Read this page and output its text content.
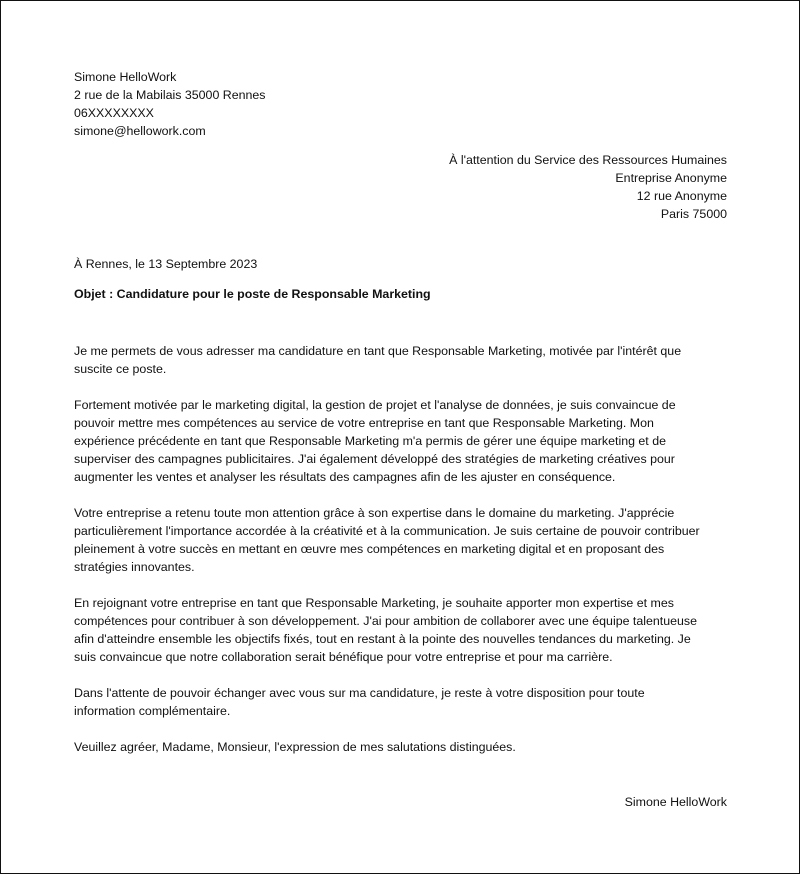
Simone HelloWork
2 rue de la Mabilais 35000 Rennes
06XXXXXXXX
simone@hellowork.com
À l'attention du Service des Ressources Humaines
Entreprise Anonyme
12 rue Anonyme
Paris 75000
À Rennes, le 13 Septembre 2023
Objet : Candidature pour le poste de Responsable Marketing

Je me permets de vous adresser ma candidature en tant que Responsable Marketing, motivée par l'intérêt que
suscite ce poste.

Fortement motivée par le marketing digital, la gestion de projet et l'analyse de données, je suis convaincue de
pouvoir mettre mes compétences au service de votre entreprise en tant que Responsable Marketing. Mon
expérience précédente en tant que Responsable Marketing m'a permis de gérer une équipe marketing et de
superviser des campagnes publicitaires. J'ai également développé des stratégies de marketing créatives pour
augmenter les ventes et analyser les résultats des campagnes afin de les ajuster en conséquence.

Votre entreprise a retenu toute mon attention grâce à son expertise dans le domaine du marketing. J'apprécie
particulièrement l'importance accordée à la créativité et à la communication. Je suis certaine de pouvoir contribuer
pleinement à votre succès en mettant en œuvre mes compétences en marketing digital et en proposant des
stratégies innovantes.

En rejoignant votre entreprise en tant que Responsable Marketing, je souhaite apporter mon expertise et mes
compétences pour contribuer à son développement. J'ai pour ambition de collaborer avec une équipe talentueuse
afin d'atteindre ensemble les objectifs fixés, tout en restant à la pointe des nouvelles tendances du marketing. Je
suis convaincue que notre collaboration serait bénéfique pour votre entreprise et pour ma carrière.

Dans l'attente de pouvoir échanger avec vous sur ma candidature, je reste à votre disposition pour toute
information complémentaire.

Veuillez agréer, Madame, Monsieur, l'expression de mes salutations distinguées.

Simone HelloWork
